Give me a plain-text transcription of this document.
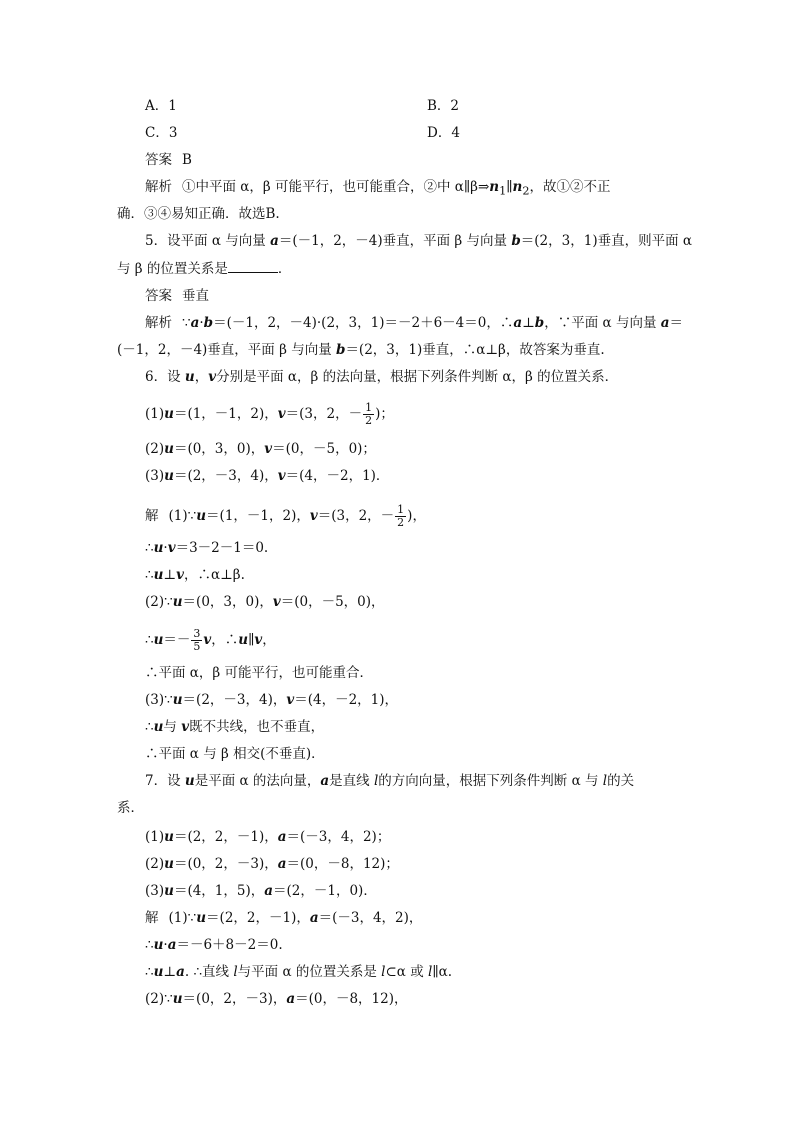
A．1	B．2
C．3	D．4
答案 B
解析 ①中平面 α，β 可能平行，也可能重合，②中 $\alpha\parallel\beta\Rightarrow n_1\parallel n_2$，故①②不正
确．③④易知正确．故选B.
5．设平面 α 与向量 a＝(－1，2，－4)垂直，平面 β 与向量 b＝(2，3，1)垂直，则平面 α
与 β 的位置关系是	．
答案 垂直
解析 ∵a·b＝(－1，2，－4)·(2，3，1)＝－2＋6－4＝0，∴a⊥b，∵平面 α 与向量 a＝
(－1，2，－4)垂直，平面 β 与向量 b＝(2，3，1)垂直，∴α⊥β，故答案为垂直.
6．设 u，v分别是平面 α，β 的法向量，根据下列条件判断 α，β 的位置关系．
(1)u＝(1，－1，2)，v＝(3，2，－ $\frac{1}{2}$ )；
(2)u＝(0，3，0)，v＝(0，－5，0)；
(3)u＝(2，－3，4)，v＝(4，－2，1)．
解 (1)∵u＝(1，－1，2)，v＝(3，2，－ $\frac{1}{2}$ )，
∴u·v＝3－2－1＝0.
∴u⊥v，∴α⊥β.
(2)∵u＝(0，3，0)，v＝(0，－5，0)，
∴u＝－ $\frac{3}{5}$ v，∴u∥v，
∴平面 α，β 可能平行，也可能重合．
(3)∵u＝(2，－3，4)，v＝(4，－2，1)，
∴u与 v既不共线，也不垂直，
∴平面 α 与 β 相交(不垂直)．
7．设 u是平面 α 的法向量，a是直线 l的方向向量，根据下列条件判断 α 与 l的关
系．
(1)u＝(2，2，－1)，a＝(－3，4，2)；
(2)u＝(0，2，－3)，a＝(0，－8，12)；
(3)u＝(4，1，5)，a＝(2，－1，0)．
解 (1)∵u＝(2，2，－1)，a＝(－3，4，2)，
∴u·a＝－6＋8－2＝0.
∴u⊥a. ∴直线 l与平面 α 的位置关系是 l⊂α 或 l∥α.
(2)∵u＝(0，2，－3)，a＝(0，－8，12)，
